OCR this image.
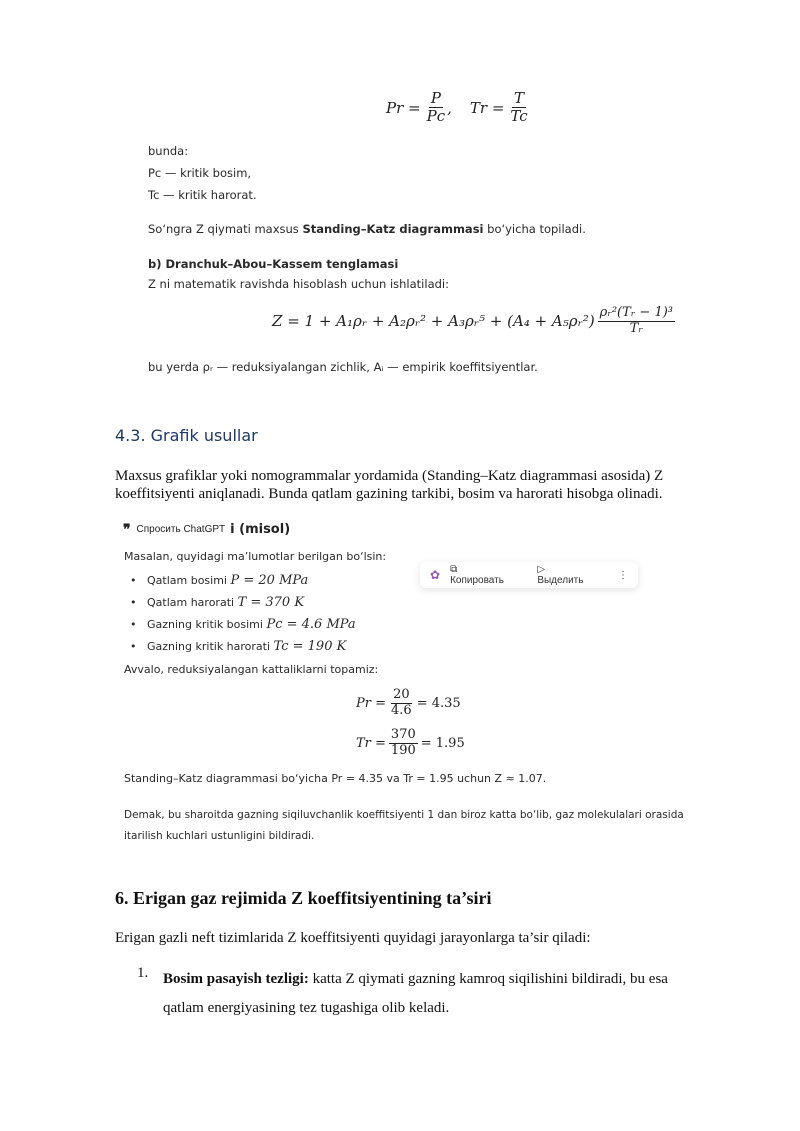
$Pr = \frac{P}{Pc}$ , $Tr = \frac{T}{Tc}$
bunda:
Pc — kritik bosim,
Tc — kritik harorat.
So‘ngra Z qiymati maxsus Standing–Katz diagrammasi bo‘yicha topiladi.
b) Dranchuk–Abou–Kassem tenglamasi
Z ni matematik ravishda hisoblash uchun ishlatiladi:
Z = 1 + A₁ρᵣ + A₂ρᵣ² + A₃ρᵣ⁵ + (A₄ + A₅ρᵣ²) $\frac{\text{ρᵣ²(Tᵣ − 1)³}}{\text{Tᵣ}}$
bu yerda ρᵣ — reduksiyalangan zichlik, Aᵢ — empirik koeffitsiyentlar.
4.3. Grafik usullar
Maxsus grafiklar yoki nomogrammalar yordamida (Standing–Katz diagrammasi asosida) Z koeffitsiyenti aniqlanadi. Bunda qatlam gazining tarkibi, bosim va harorati hisobga olinadi.
❞ Спросить ChatGPT i (misol)
Masalan, quyidagi ma’lumotlar berilgan bo‘lsin:
•   Qatlam bosimi P = 20 MPa
•   Qatlam harorati T = 370 K
•   Gazning kritik bosimi Pc = 4.6 MPa
•   Gazning kritik harorati Tc = 190 K
✿ ⧉ Копировать
▷ Выделить	⋮
Avvalo, reduksiyalangan kattaliklarni topamiz:
$Pr = \frac{20}{4.6} = 4.35$
$Tr = \frac{370}{190} = 1.95$
Standing–Katz diagrammasi bo‘yicha Pr = 4.35 va Tr = 1.95 uchun Z ≈ 1.07.
Demak, bu sharoitda gazning siqiluvchanlik koeffitsiyenti 1 dan biroz katta bo‘lib, gaz molekulalari orasida itarilish kuchlari ustunligini bildiradi.
6. Erigan gaz rejimida Z koeffitsiyentining ta’siri
Erigan gazli neft tizimlarida Z koeffitsiyenti quyidagi jarayonlarga ta’sir qiladi:
1. Bosim pasayish tezligi: katta Z qiymati gazning kamroq siqilishini bildiradi, bu esa
qatlam energiyasining tez tugashiga olib keladi.
